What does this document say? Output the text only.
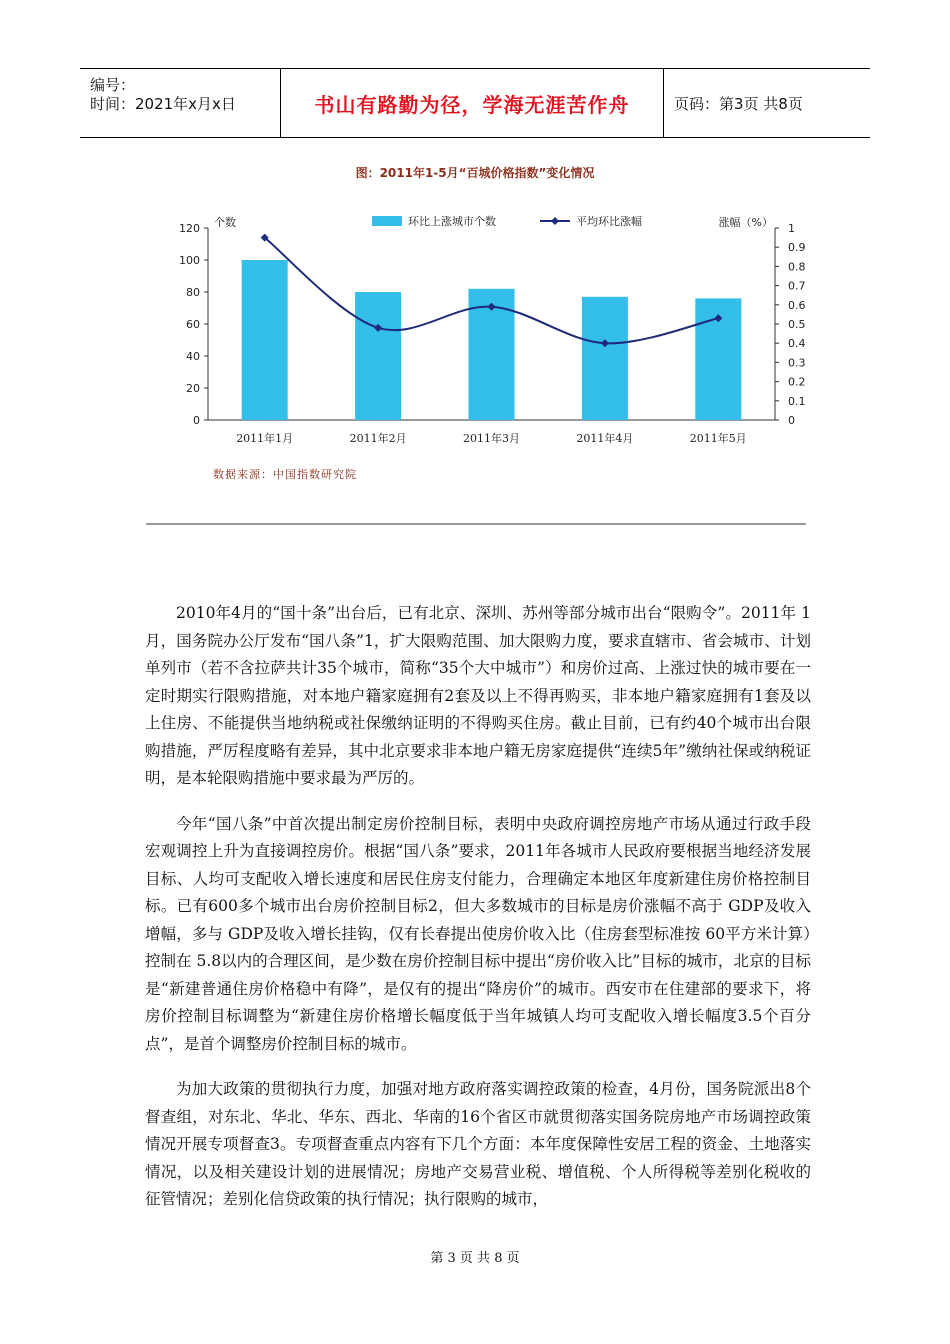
编号：
时间：2021年x月x日	书山有路勤为径，学海无涯苦作舟	页码：第3页 共8页
图：2011年1-5月“百城价格指数”变化情况
0
20
40
60
80
100
120
0
0.1
0.2
0.3
0.4
0.5
0.6
0.7
0.8
0.9
1
个数	涨幅（%）
2011年1月	2011年2月	2011年3月	2011年4月	2011年5月
环比上涨城市个数	平均环比涨幅
数据来源：中国指数研究院

2010年4月的“国十条”出台后，已有北京、深圳、苏州等部分城市出台“限购令”。2011年 1月，国务院办公厅发布“国八条”1，扩大限购范围、加大限购力度，要求直辖市、省会城市、计划单列市（若不含拉萨共计35个城市，简称“35个大中城市”）和房价过高、上涨过快的城市要在一定时期实行限购措施，对本地户籍家庭拥有2套及以上不得再购买，非本地户籍家庭拥有1套及以上住房、不能提供当地纳税或社保缴纳证明的不得购买住房。截止目前，已有约40个城市出台限购措施，严厉程度略有差异，其中北京要求非本地户籍无房家庭提供“连续5年”缴纳社保或纳税证明，是本轮限购措施中要求最为严厉的。

今年“国八条”中首次提出制定房价控制目标，表明中央政府调控房地产市场从通过行政手段宏观调控上升为直接调控房价。根据“国八条”要求，2011年各城市人民政府要根据当地经济发展目标、人均可支配收入增长速度和居民住房支付能力，合理确定本地区年度新建住房价格控制目标。已有600多个城市出台房价控制目标2，但大多数城市的目标是房价涨幅不高于 GDP及收入增幅，多与 GDP及收入增长挂钩，仅有长春提出使房价收入比（住房套型标准按 60平方米计算）控制在 5.8以内的合理区间，是少数在房价控制目标中提出“房价收入比”目标的城市，北京的目标是“新建普通住房价格稳中有降”，是仅有的提出“降房价”的城市。西安市在住建部的要求下，将房价控制目标调整为“新建住房价格增长幅度低于当年城镇人均可支配收入增长幅度3.5个百分点”，是首个调整房价控制目标的城市。

为加大政策的贯彻执行力度，加强对地方政府落实调控政策的检查，4月份，国务院派出8个督查组，对东北、华北、华东、西北、华南的16个省区市就贯彻落实国务院房地产市场调控政策情况开展专项督查3。专项督查重点内容有下几个方面：本年度保障性安居工程的资金、土地落实情况，以及相关建设计划的进展情况；房地产交易营业税、增值税、个人所得税等差别化税收的征管情况；差别化信贷政策的执行情况；执行限购的城市，

第 3 页 共 8 页
